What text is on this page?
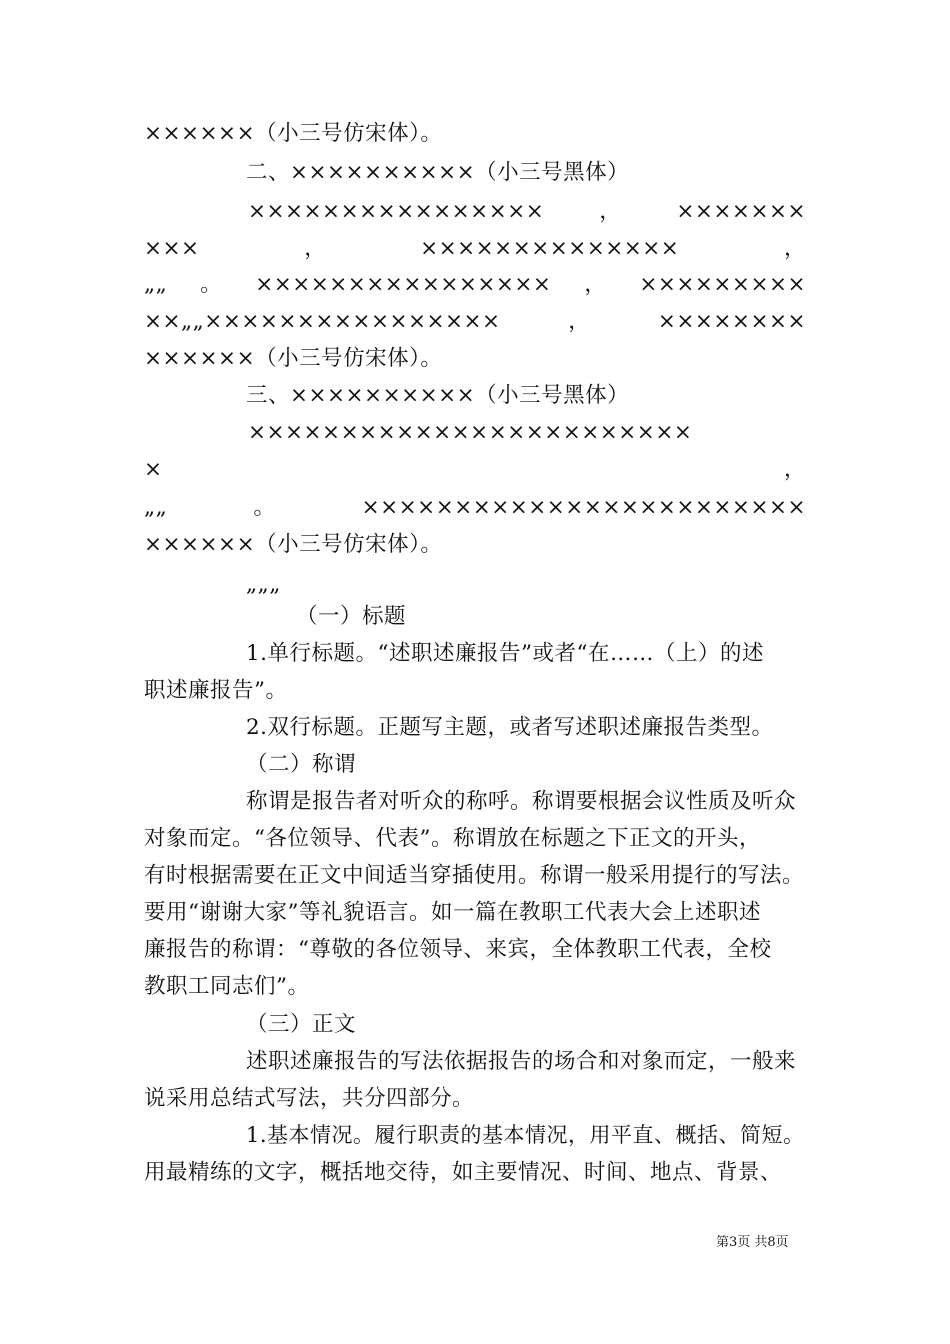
××××××（小三号仿宋体）。
二、××××××××××（小三号黑体）
××××××××××××××××，×××××××
×××　　　，　　　××××××××××××××　　　，
„„。××××××××××××××××，×××××××××
××„„××××××××××××××××，××××××××
××××××（小三号仿宋体）。
三、××××××××××（小三号黑体）
××××××××××××××××××××××××
×　　　　　　　　　　　　　　　　　　　　　　　，
„„。××××××××××××××××××××××××
××××××（小三号仿宋体）。
„„„
（一）标题
1.单行标题。“述职述廉报告”或者“在……（上）的述
职述廉报告”。
2.双行标题。正题写主题，或者写述职述廉报告类型。
（二）称谓
称谓是报告者对听众的称呼。称谓要根据会议性质及听众
对象而定。“各位领导、代表”。称谓放在标题之下正文的开头，
有时根据需要在正文中间适当穿插使用。称谓一般采用提行的写法。
要用“谢谢大家”等礼貌语言。如一篇在教职工代表大会上述职述
廉报告的称谓：“尊敬的各位领导、来宾，全体教职工代表，全校
教职工同志们”。
（三）正文
述职述廉报告的写法依据报告的场合和对象而定，一般来
说采用总结式写法，共分四部分。
1.基本情况。履行职责的基本情况，用平直、概括、简短。
用最精练的文字，概括地交待，如主要情况、时间、地点、背景、
第3页 共8页
